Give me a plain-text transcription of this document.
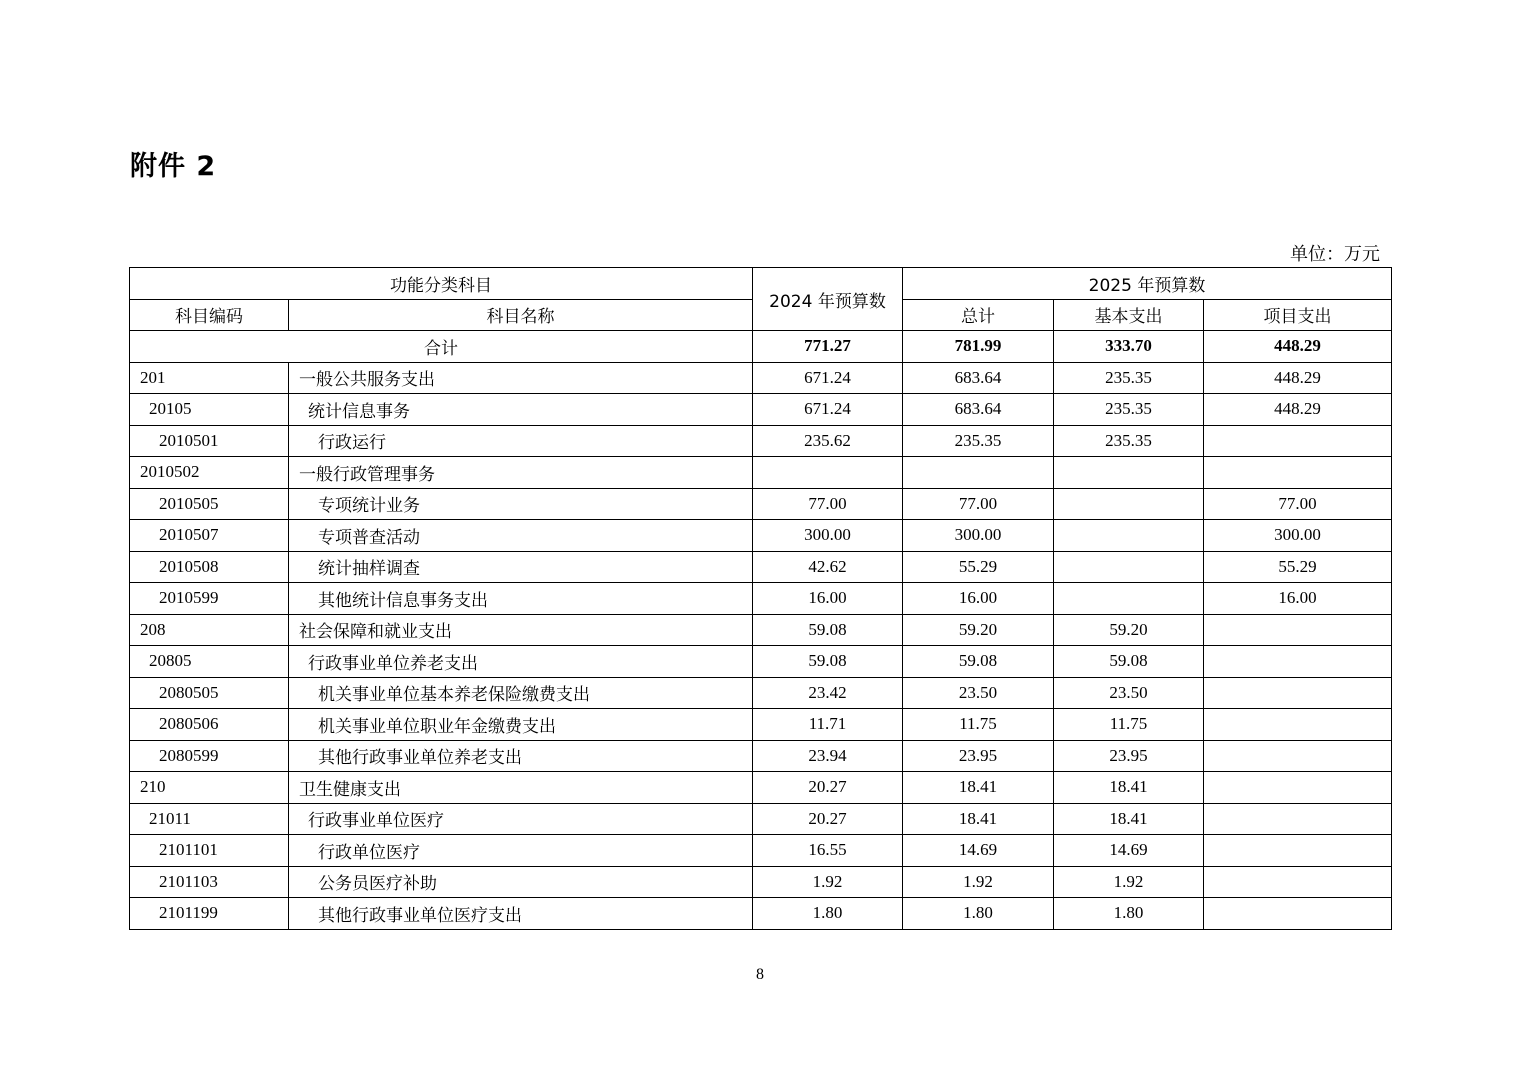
附件 2
单位：万元
功能分类科目		2024 年预算数	2025 年预算数		
科目编码	科目名称		总计	基本支出	项目支出
合计		771.27	781.99	333.70	448.29
201	一般公共服务支出	671.24	683.64	235.35	448.29
20105	统计信息事务	671.24	683.64	235.35	448.29
2010501	行政运行	235.62	235.35	235.35	
2010502	一般行政管理事务				
2010505	专项统计业务	77.00	77.00		77.00
2010507	专项普查活动	300.00	300.00		300.00
2010508	统计抽样调查	42.62	55.29		55.29
2010599	其他统计信息事务支出	16.00	16.00		16.00
208	社会保障和就业支出	59.08	59.20	59.20	
20805	行政事业单位养老支出	59.08	59.08	59.08	
2080505	机关事业单位基本养老保险缴费支出	23.42	23.50	23.50	
2080506	机关事业单位职业年金缴费支出	11.71	11.75	11.75	
2080599	其他行政事业单位养老支出	23.94	23.95	23.95	
210	卫生健康支出	20.27	18.41	18.41	
21011	行政事业单位医疗	20.27	18.41	18.41	
2101101	行政单位医疗	16.55	14.69	14.69	
2101103	公务员医疗补助	1.92	1.92	1.92	
2101199	其他行政事业单位医疗支出	1.80	1.80	1.80	
8
